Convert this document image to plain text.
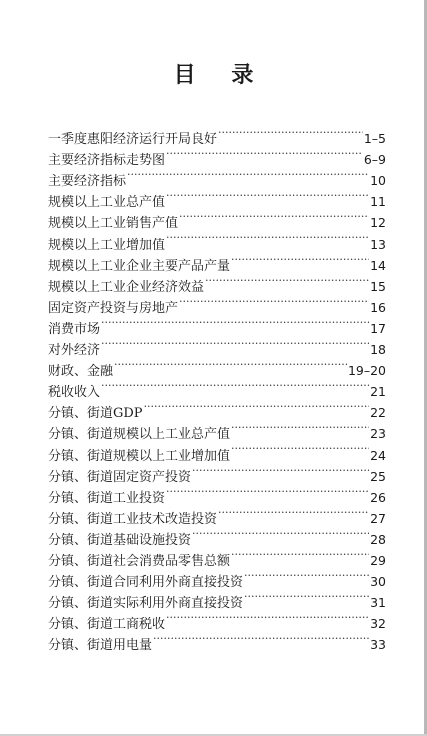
目 录
一季度惠阳经济运行开局良好 ·····	1–5
主要经济指标走势图 ·····	6–9
主要经济指标 ·····	10
规模以上工业总产值 ·····	11
规模以上工业销售产值 ·····	12
规模以上工业增加值 ·····	13
规模以上工业企业主要产品产量 ·····	14
规模以上工业企业经济效益 ·····	15
固定资产投资与房地产 ·····	16
消费市场 ·····	17
对外经济 ·····	18
财政、金融 ·····	19–20
税收收入 ·····	21
分镇、街道GDP ·····	22
分镇、街道规模以上工业总产值 ·····	23
分镇、街道规模以上工业增加值 ·····	24
分镇、街道固定资产投资 ·····	25
分镇、街道工业投资 ·····	26
分镇、街道工业技术改造投资 ·····	27
分镇、街道基础设施投资 ·····	28
分镇、街道社会消费品零售总额 ·····	29
分镇、街道合同利用外商直接投资 ·····	30
分镇、街道实际利用外商直接投资 ·····	31
分镇、街道工商税收 ·····	32
分镇、街道用电量 ·····	33
